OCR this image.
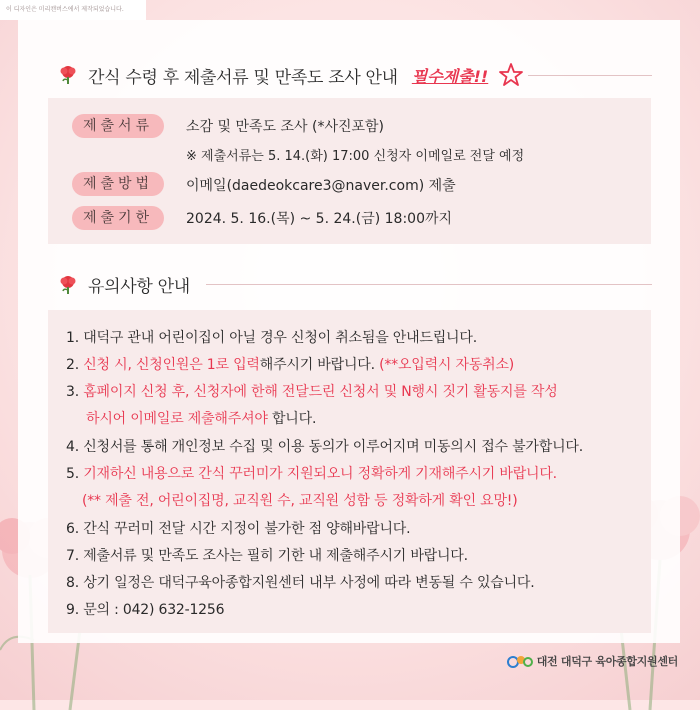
이 디자인은 미리캔버스에서 제작되었습니다.
간식 수령 후 제출서류 및 만족도 조사 안내 필수제출!!
제출서류	소감 및 만족도 조사 (*사진포함)
※ 제출서류는 5. 14.(화) 17:00 신청자 이메일로 전달 예정
제출방법	이메일(daedeokcare3@naver.com) 제출
제출기한	2024. 5. 16.(목) ~ 5. 24.(금) 18:00까지
유의사항 안내
1. 대덕구 관내 어린이집이 아닐 경우 신청이 취소됨을 안내드립니다.
2. 신청 시, 신청인원은 1로 입력해주시기 바랍니다. (**오입력시 자동취소)
3. 홈페이지 신청 후, 신청자에 한해 전달드린 신청서 및 N행시 짓기 활동지를 작성
하시어 이메일로 제출해주셔야 합니다.
4. 신청서를 통해 개인정보 수집 및 이용 동의가 이루어지며 미동의시 접수 불가합니다.
5. 기재하신 내용으로 간식 꾸러미가 지원되오니 정확하게 기재해주시기 바랍니다.
(** 제출 전, 어린이집명, 교직원 수, 교직원 성함 등 정확하게 확인 요망!)
6. 간식 꾸러미 전달 시간 지정이 불가한 점 양해바랍니다.
7. 제출서류 및 만족도 조사는 필히 기한 내 제출해주시기 바랍니다.
8. 상기 일정은 대덕구육아종합지원센터 내부 사정에 따라 변동될 수 있습니다.
9. 문의 : 042) 632-1256
대전 대덕구 육아종합지원센터
